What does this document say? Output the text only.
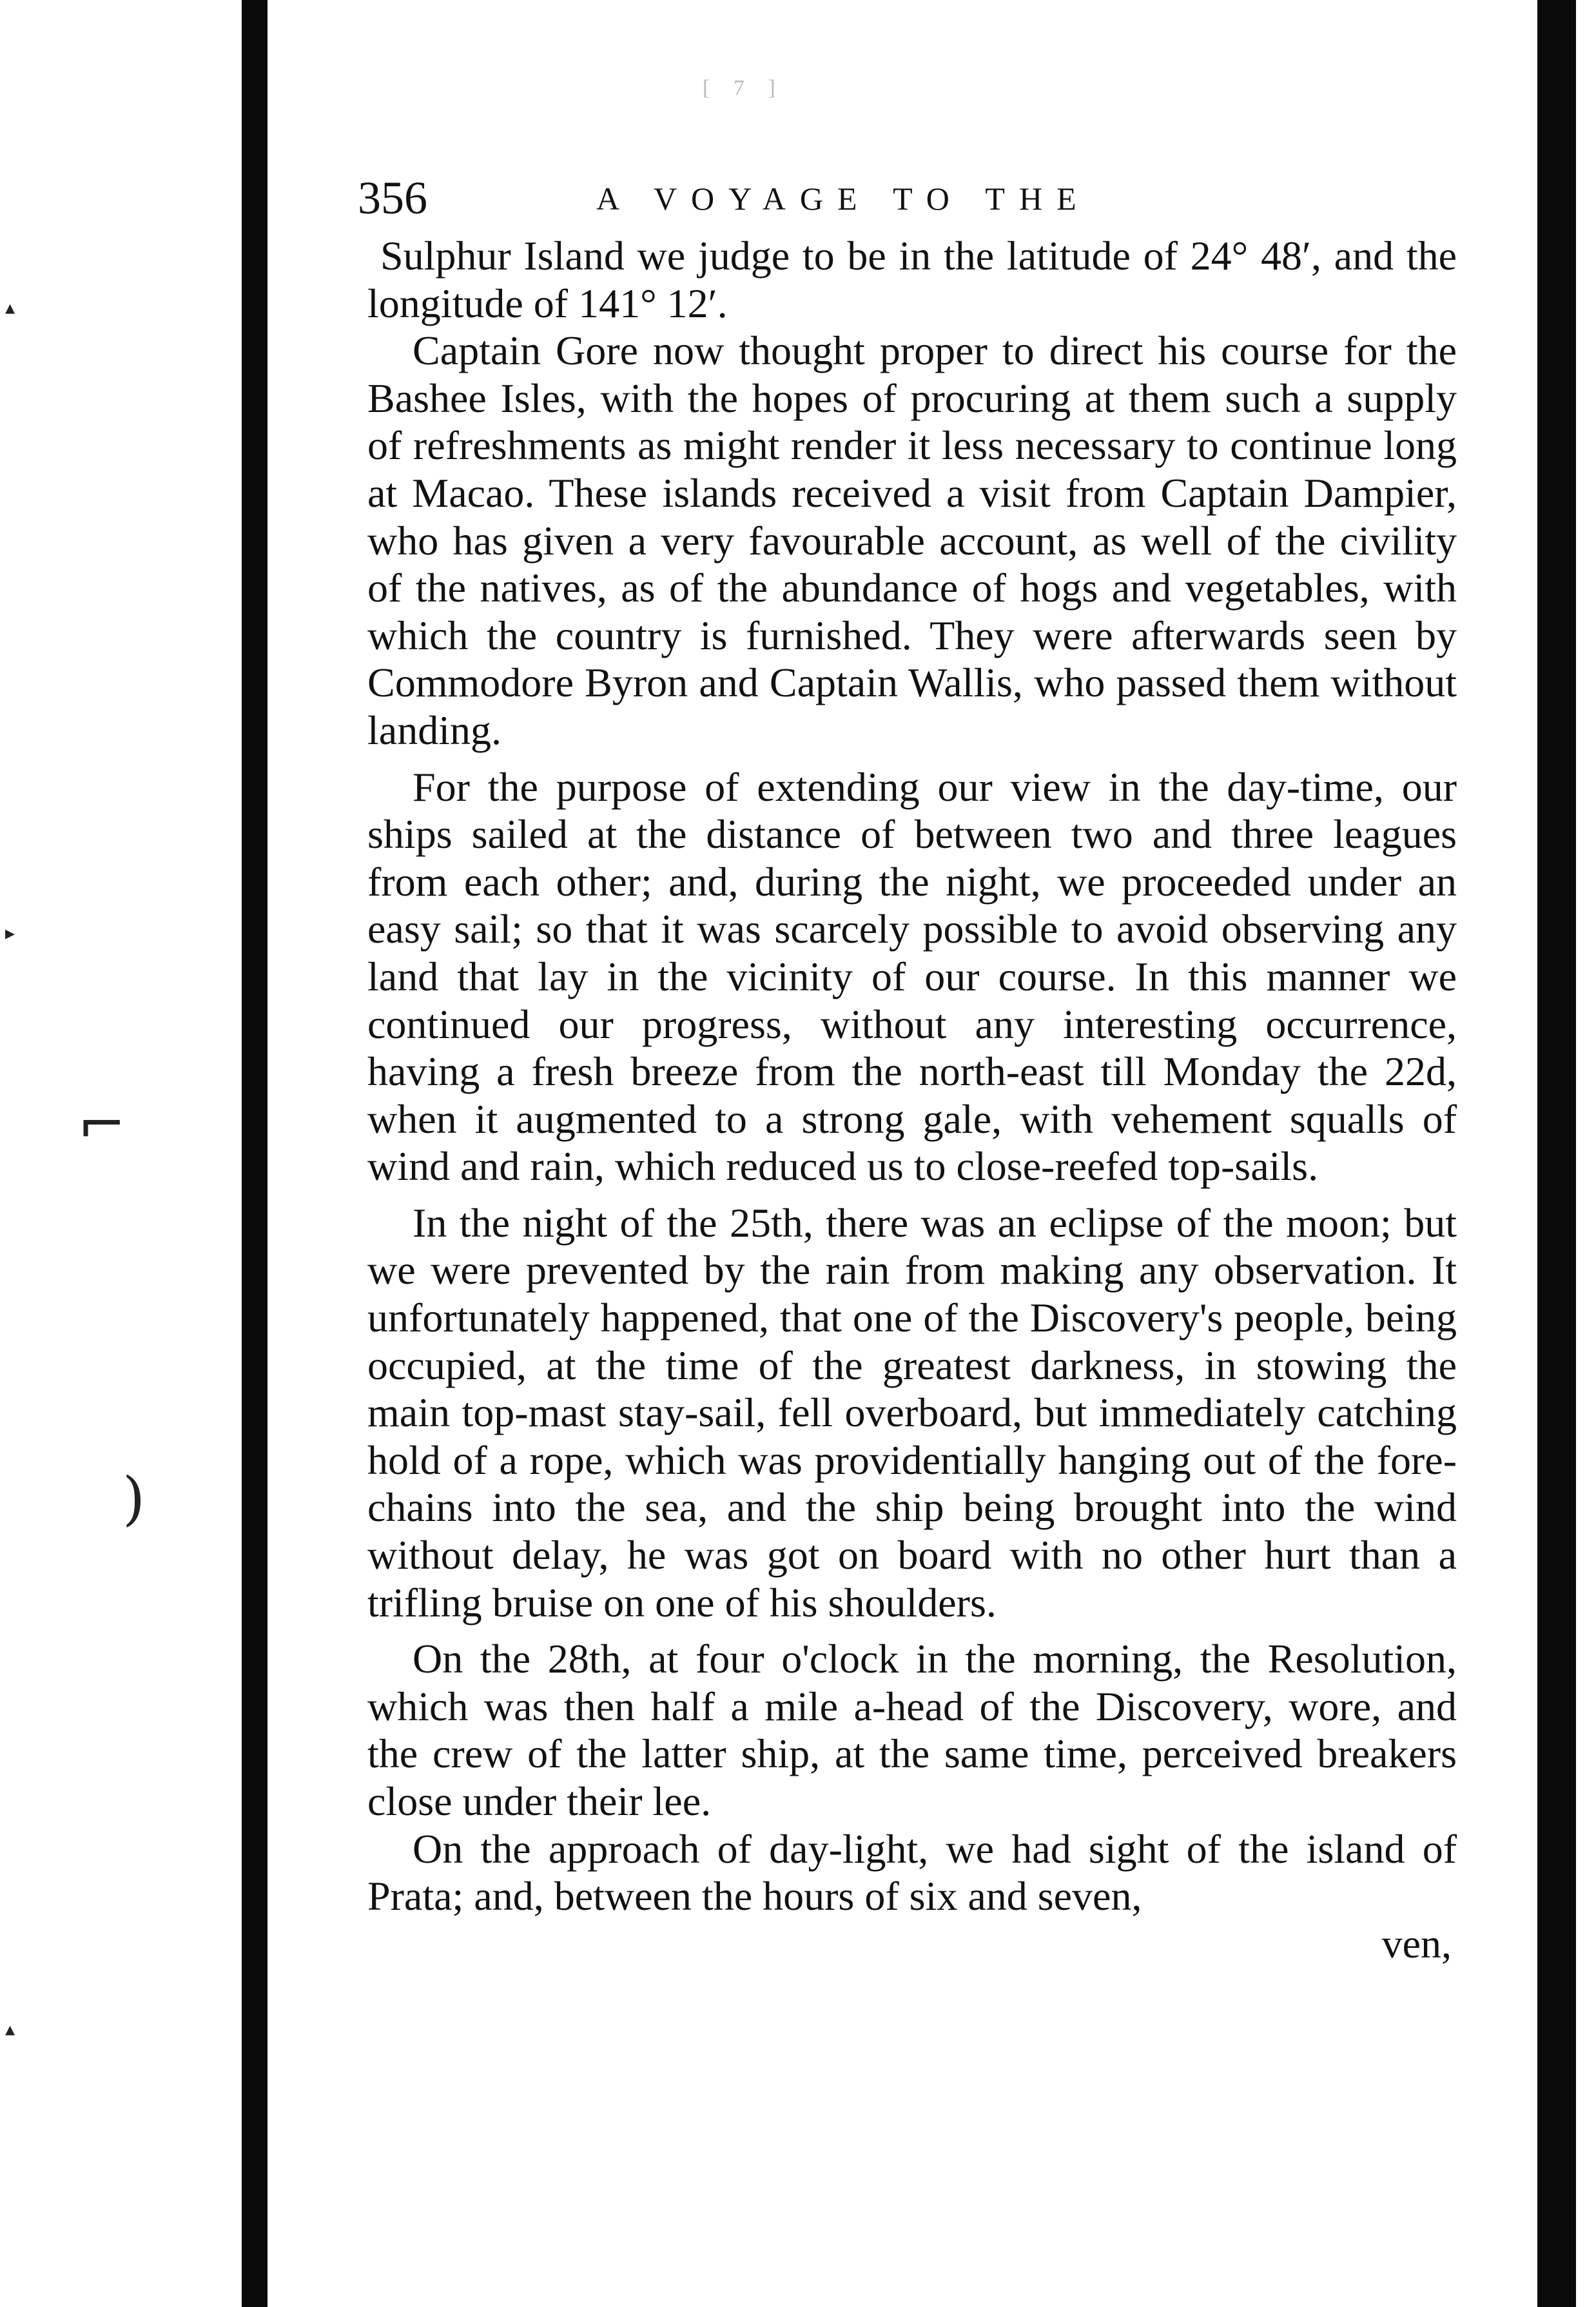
▴
▸
⌐
)
▴
[ 7 ]
356	A VOYAGE TO THE

Sulphur Island we judge to be in the latitude of 24° 48′, and the longitude of 141° 12′.

Captain Gore now thought proper to direct his course for the Bashee Isles, with the hopes of procuring at them such a supply of refreshments as might render it less necessary to continue long at Macao. These islands received a visit from Captain Dampier, who has given a very favourable account, as well of the civility of the natives, as of the abundance of hogs and vegetables, with which the country is furnished. They were afterwards seen by Commodore Byron and Captain Wallis, who passed them without landing.

For the purpose of extending our view in the day-time, our ships sailed at the distance of between two and three leagues from each other; and, during the night, we proceeded under an easy sail; so that it was scarcely possible to avoid observing any land that lay in the vicinity of our course. In this manner we continued our progress, without any interesting occurrence, having a fresh breeze from the north-east till Monday the 22d, when it augmented to a strong gale, with vehement squalls of wind and rain, which reduced us to close-reefed top-sails.

In the night of the 25th, there was an eclipse of the moon; but we were prevented by the rain from making any observation. It unfortunately happened, that one of the Discovery's people, being occupied, at the time of the greatest darkness, in stowing the main top-mast stay-sail, fell overboard, but immediately catching hold of a rope, which was providentially hanging out of the fore-chains into the sea, and the ship being brought into the wind without delay, he was got on board with no other hurt than a trifling bruise on one of his shoulders.

On the 28th, at four o'clock in the morning, the Resolution, which was then half a mile a-head of the Discovery, wore, and the crew of the latter ship, at the same time, perceived breakers close under their lee.

On the approach of day-light, we had sight of the island of Prata; and, between the hours of six and seven,

ven,
